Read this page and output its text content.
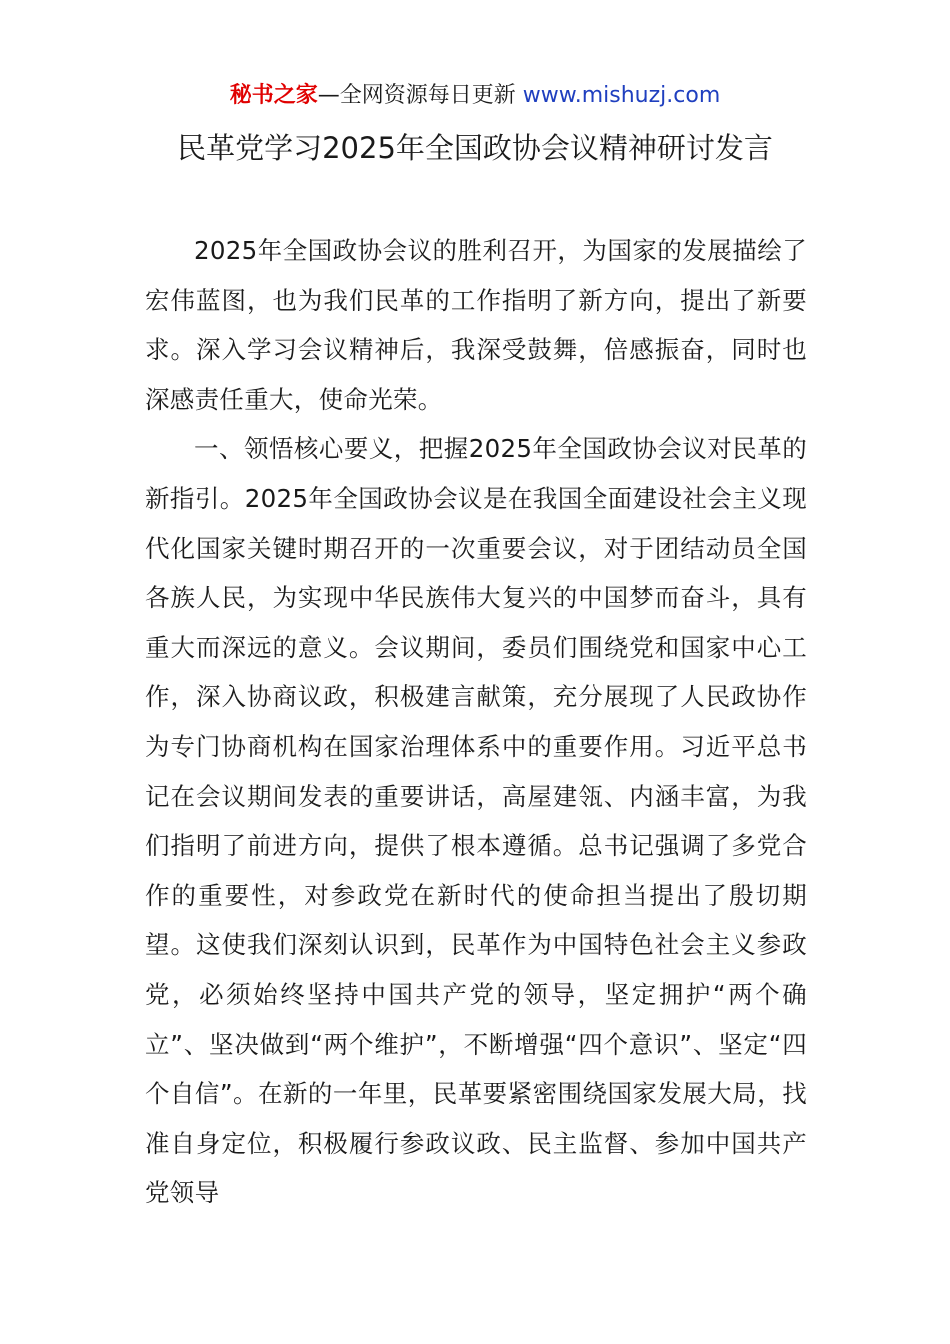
秘书之家—全网资源每日更新 www.mishuzj.com
民革党学习2025年全国政协会议精神研讨发言

2025年全国政协会议的胜利召开，为国家的发展描绘了宏伟蓝图，也为我们民革的工作指明了新方向，提出了新要求。深入学习会议精神后，我深受鼓舞，倍感振奋，同时也深感责任重大，使命光荣。

一、领悟核心要义，把握2025年全国政协会议对民革的新指引。2025年全国政协会议是在我国全面建设社会主义现代化国家关键时期召开的一次重要会议，对于团结动员全国各族人民，为实现中华民族伟大复兴的中国梦而奋斗，具有重大而深远的意义。会议期间，委员们围绕党和国家中心工作，深入协商议政，积极建言献策，充分展现了人民政协作为专门协商机构在国家治理体系中的重要作用。习近平总书记在会议期间发表的重要讲话，高屋建瓴、内涵丰富，为我们指明了前进方向，提供了根本遵循。总书记强调了多党合作的重要性，对参政党在新时代的使命担当提出了殷切期望。这使我们深刻认识到，民革作为中国特色社会主义参政党，必须始终坚持中国共产党的领导，坚定拥护“两个确立”、坚决做到“两个维护”，不断增强“四个意识”、坚定“四个自信”。在新的一年里，民革要紧密围绕国家发展大局，找准自身定位，积极履行参政议政、民主监督、参加中国共产党领导
